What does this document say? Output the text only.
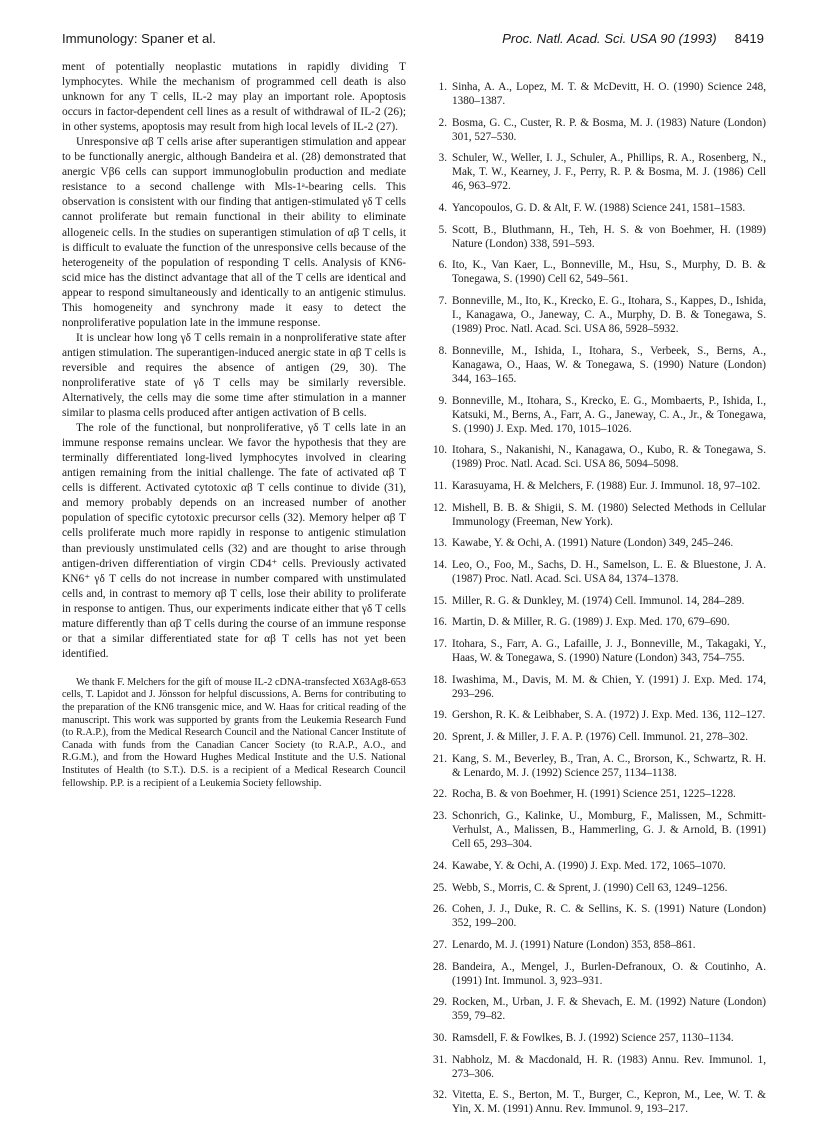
Immunology: Spaner et al.	Proc. Natl. Acad. Sci. USA 90 (1993) 8419

ment of potentially neoplastic mutations in rapidly dividing T lymphocytes. While the mechanism of programmed cell death is also unknown for any T cells, IL-2 may play an important role. Apoptosis occurs in factor-dependent cell lines as a result of withdrawal of IL-2 (26); in other systems, apoptosis may result from high local levels of IL-2 (27).

Unresponsive αβ T cells arise after superantigen stimulation and appear to be functionally anergic, although Bandeira et al. (28) demonstrated that anergic Vβ6 cells can support immunoglobulin production and mediate resistance to a second challenge with Mls-1ᵃ-bearing cells. This observation is consistent with our finding that antigen-stimulated γδ T cells cannot proliferate but remain functional in their ability to eliminate allogeneic cells. In the studies on superantigen stimulation of αβ T cells, it is difficult to evaluate the function of the unresponsive cells because of the heterogeneity of the population of responding T cells. Analysis of KN6-scid mice has the distinct advantage that all of the T cells are identical and appear to respond simultaneously and identically to an antigenic stimulus. This homogeneity and synchrony made it easy to detect the nonproliferative population late in the immune response.

It is unclear how long γδ T cells remain in a nonproliferative state after antigen stimulation. The superantigen-induced anergic state in αβ T cells is reversible and requires the absence of antigen (29, 30). The nonproliferative state of γδ T cells may be similarly reversible. Alternatively, the cells may die some time after stimulation in a manner similar to plasma cells produced after antigen activation of B cells.

The role of the functional, but nonproliferative, γδ T cells late in an immune response remains unclear. We favor the hypothesis that they are terminally differentiated long-lived lymphocytes involved in clearing antigen remaining from the initial challenge. The fate of activated αβ T cells is different. Activated cytotoxic αβ T cells continue to divide (31), and memory probably depends on an increased number of another population of specific cytotoxic precursor cells (32). Memory helper αβ T cells proliferate much more rapidly in response to antigenic stimulation than previously unstimulated cells (32) and are thought to arise through antigen-driven differentiation of virgin CD4⁺ cells. Previously activated KN6⁺ γδ T cells do not increase in number compared with unstimulated cells and, in contrast to memory αβ T cells, lose their ability to proliferate in response to antigen. Thus, our experiments indicate either that γδ T cells mature differently than αβ T cells during the course of an immune response or that a similar differentiated state for αβ T cells has not yet been identified.

We thank F. Melchers for the gift of mouse IL-2 cDNA-transfected X63Ag8-653 cells, T. Lapidot and J. Jönsson for helpful discussions, A. Berns for contributing to the preparation of the KN6 transgenic mice, and W. Haas for critical reading of the manuscript. This work was supported by grants from the Leukemia Research Fund (to R.A.P.), from the Medical Research Council and the National Cancer Institute of Canada with funds from the Canadian Cancer Society (to R.A.P., A.O., and R.G.M.), and from the Howard Hughes Medical Institute and the U.S. National Institutes of Health (to S.T.). D.S. is a recipient of a Medical Research Council fellowship. P.P. is a recipient of a Leukemia Society fellowship.

1. Sinha, A. A., Lopez, M. T. & McDevitt, H. O. (1990) Science 248, 1380–1387.
2. Bosma, G. C., Custer, R. P. & Bosma, M. J. (1983) Nature (London) 301, 527–530.
3. Schuler, W., Weller, I. J., Schuler, A., Phillips, R. A., Rosenberg, N., Mak, T. W., Kearney, J. F., Perry, R. P. & Bosma, M. J. (1986) Cell 46, 963–972.
4. Yancopoulos, G. D. & Alt, F. W. (1988) Science 241, 1581–1583.
5. Scott, B., Bluthmann, H., Teh, H. S. & von Boehmer, H. (1989) Nature (London) 338, 591–593.
6. Ito, K., Van Kaer, L., Bonneville, M., Hsu, S., Murphy, D. B. & Tonegawa, S. (1990) Cell 62, 549–561.
7. Bonneville, M., Ito, K., Krecko, E. G., Itohara, S., Kappes, D., Ishida, I., Kanagawa, O., Janeway, C. A., Murphy, D. B. & Tonegawa, S. (1989) Proc. Natl. Acad. Sci. USA 86, 5928–5932.
8. Bonneville, M., Ishida, I., Itohara, S., Verbeek, S., Berns, A., Kanagawa, O., Haas, W. & Tonegawa, S. (1990) Nature (London) 344, 163–165.
9. Bonneville, M., Itohara, S., Krecko, E. G., Mombaerts, P., Ishida, I., Katsuki, M., Berns, A., Farr, A. G., Janeway, C. A., Jr., & Tonegawa, S. (1990) J. Exp. Med. 170, 1015–1026.
10. Itohara, S., Nakanishi, N., Kanagawa, O., Kubo, R. & Tonegawa, S. (1989) Proc. Natl. Acad. Sci. USA 86, 5094–5098.
11. Karasuyama, H. & Melchers, F. (1988) Eur. J. Immunol. 18, 97–102.
12. Mishell, B. B. & Shigii, S. M. (1980) Selected Methods in Cellular Immunology (Freeman, New York).
13. Kawabe, Y. & Ochi, A. (1991) Nature (London) 349, 245–246.
14. Leo, O., Foo, M., Sachs, D. H., Samelson, L. E. & Bluestone, J. A. (1987) Proc. Natl. Acad. Sci. USA 84, 1374–1378.
15. Miller, R. G. & Dunkley, M. (1974) Cell. Immunol. 14, 284–289.
16. Martin, D. & Miller, R. G. (1989) J. Exp. Med. 170, 679–690.
17. Itohara, S., Farr, A. G., Lafaille, J. J., Bonneville, M., Takagaki, Y., Haas, W. & Tonegawa, S. (1990) Nature (London) 343, 754–755.
18. Iwashima, M., Davis, M. M. & Chien, Y. (1991) J. Exp. Med. 174, 293–296.
19. Gershon, R. K. & Leibhaber, S. A. (1972) J. Exp. Med. 136, 112–127.
20. Sprent, J. & Miller, J. F. A. P. (1976) Cell. Immunol. 21, 278–302.
21. Kang, S. M., Beverley, B., Tran, A. C., Brorson, K., Schwartz, R. H. & Lenardo, M. J. (1992) Science 257, 1134–1138.
22. Rocha, B. & von Boehmer, H. (1991) Science 251, 1225–1228.
23. Schonrich, G., Kalinke, U., Momburg, F., Malissen, M., Schmitt-Verhulst, A., Malissen, B., Hammerling, G. J. & Arnold, B. (1991) Cell 65, 293–304.
24. Kawabe, Y. & Ochi, A. (1990) J. Exp. Med. 172, 1065–1070.
25. Webb, S., Morris, C. & Sprent, J. (1990) Cell 63, 1249–1256.
26. Cohen, J. J., Duke, R. C. & Sellins, K. S. (1991) Nature (London) 352, 199–200.
27. Lenardo, M. J. (1991) Nature (London) 353, 858–861.
28. Bandeira, A., Mengel, J., Burlen-Defranoux, O. & Coutinho, A. (1991) Int. Immunol. 3, 923–931.
29. Rocken, M., Urban, J. F. & Shevach, E. M. (1992) Nature (London) 359, 79–82.
30. Ramsdell, F. & Fowlkes, B. J. (1992) Science 257, 1130–1134.
31. Nabholz, M. & Macdonald, H. R. (1983) Annu. Rev. Immunol. 1, 273–306.
32. Vitetta, E. S., Berton, M. T., Burger, C., Kepron, M., Lee, W. T. & Yin, X. M. (1991) Annu. Rev. Immunol. 9, 193–217.
